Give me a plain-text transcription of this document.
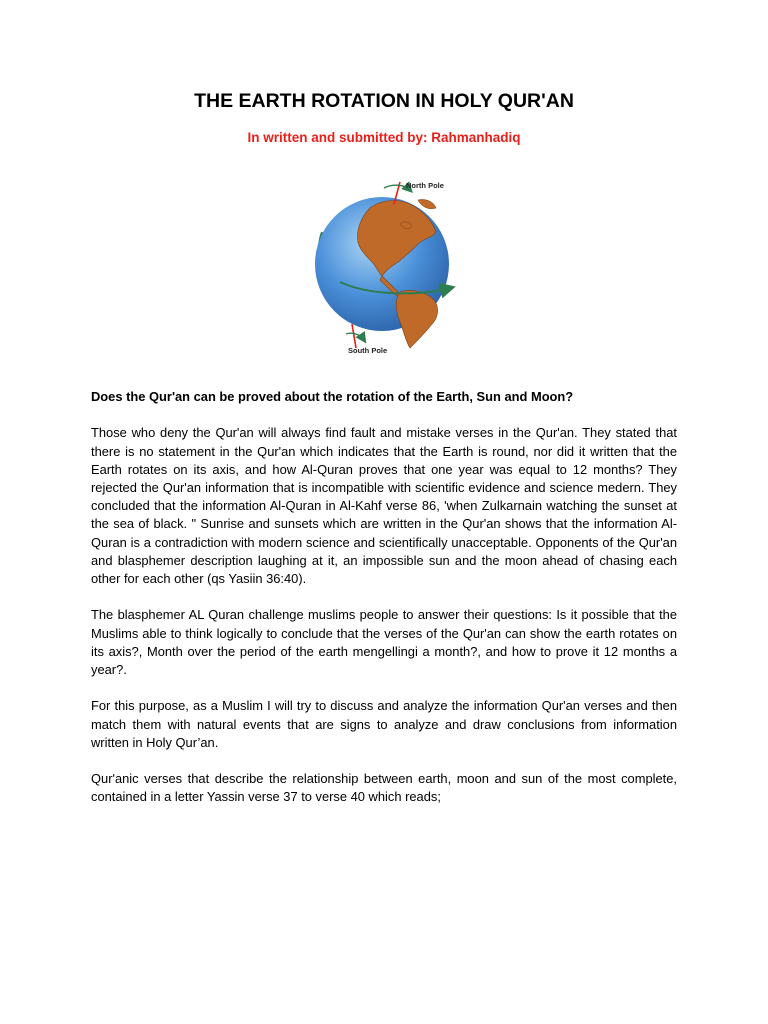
THE EARTH ROTATION IN HOLY QUR'AN

In written and submitted by: Rahmanhadiq

North Pole
South Pole

Does the Qur'an can be proved about the rotation of the Earth, Sun and Moon?

Those who deny the Qur'an will always find fault and mistake verses in the Qur'an. They stated that there is no statement in the Qur'an which indicates that the Earth is round, nor did it written that the Earth rotates on its axis, and how Al-Quran proves that one year was equal to 12 months? They rejected the Qur'an information that is incompatible with scientific evidence and science medern. They concluded that the information Al-Quran in Al-Kahf verse 86, 'when Zulkarnain watching the sunset at the sea of black. " Sunrise and sunsets which are written in the Qur'an shows that the information Al-Quran is a contradiction with modern science and scientifically unacceptable. Opponents of the Qur'an and blasphemer description laughing at it, an impossible sun and the moon ahead of chasing each other for each other (qs Yasiin 36:40).

The blasphemer AL Quran challenge muslims people to answer their questions: Is it possible that the Muslims able to think logically to conclude that the verses of the Qur'an can show the earth rotates on its axis?, Month over the period of the earth mengellingi a month?, and how to prove it 12 months a year?.

For this purpose, as a Muslim I will try to discuss and analyze the information Qur'an verses and then match them with natural events that are signs to analyze and draw conclusions from information written in Holy Qur’an.

Qur'anic verses that describe the relationship between earth, moon and sun of the most complete, contained in a letter Yassin verse 37 to verse 40 which reads;
